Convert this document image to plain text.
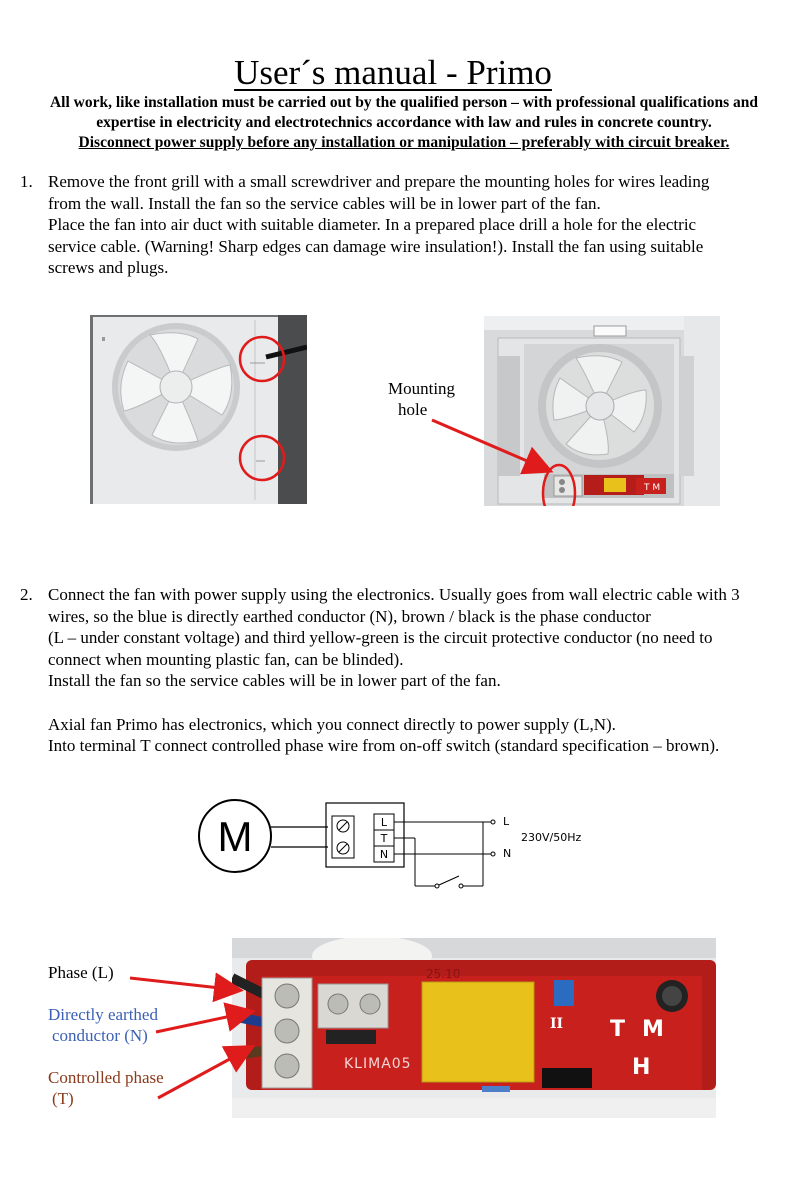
User´s manual - Primo
All work, like installation must be carried out by the qualified person – with professional qualifications and
expertise in electricity and electrotechnics accordance with law and rules in concrete country.
Disconnect power supply before any installation or manipulation – preferably with circuit breaker.
1. Remove the front grill with a small screwdriver and prepare the mounting holes for wires leading
from the wall. Install the fan so the service cables will be in lower part of the fan.
Place the fan into air duct with suitable diameter. In a prepared place drill a hole for the electric
service cable. (Warning! Sharp edges can damage wire insulation!). Install the fan using suitable
screws and plugs.
T M
Mounting
hole
2. Connect the fan with power supply using the electronics. Usually goes from wall electric cable with 3
wires, so the blue is directly earthed conductor (N), brown / black is the phase conductor
(L – under constant voltage) and third yellow-green is the circuit protective conductor (no need to
connect when mounting plastic fan, can be blinded).
Install the fan so the service cables will be in lower part of the fan.
Axial fan Primo has electronics, which you connect directly to power supply (L,N).
Into terminal T connect controlled phase wire from on-off switch (standard specification – brown).
M	L
T
N
L
N
230V/50Hz
KLIMA05
25.10
T M
H
II
Phase (L)
Directly earthed
conductor (N)
Controlled phase
(T)
